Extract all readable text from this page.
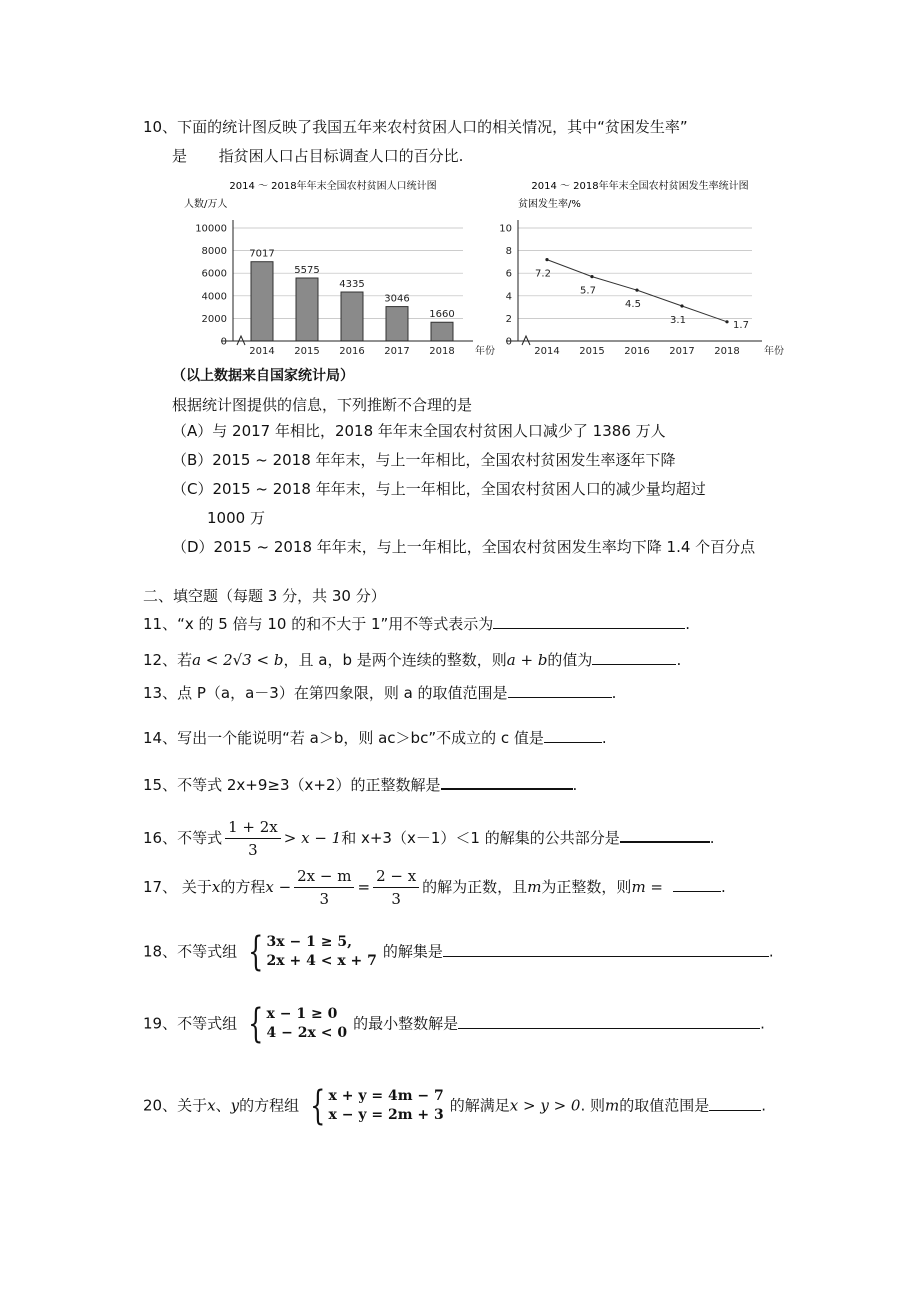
10、下面的统计图反映了我国五年来农村贫困人口的相关情况，其中“贫困发生率”
是 指贫困人口占目标调查人口的百分比.
2014 ～ 2018年年末全国农村贫困人口统计图
人数/万人
7017
5575
4335
3046
1660
0
2000
4000
6000
8000
10000
2014 2015 2016 2017 2018 年份
2014 ～ 2018年年末全国农村贫困发生率统计图
贫困发生率/%
7.2
5.7
4.5
3.1	1.7
0
2
4
6
8
10
2014 2015 2016 2017 2018 年份
（以上数据来自国家统计局）
根据统计图提供的信息，下列推断不合理的是
（A）与 2017 年相比，2018 年年末全国农村贫困人口减少了 1386 万人
（B）2015 ~ 2018 年年末，与上一年相比，全国农村贫困发生率逐年下降
（C）2015 ~ 2018 年年末，与上一年相比，全国农村贫困人口的减少量均超过
1000 万
（D）2015 ~ 2018 年年末，与上一年相比，全国农村贫困发生率均下降 1.4 个百分点
二、填空题（每题 3 分，共 30 分）
11、“x 的 5 倍与 10 的和不大于 1”用不等式表示为	.
12、若a < 2√3 < b，且 a，b 是两个连续的整数，则a + b的值为	.
13、点 P（a，a－3）在第四象限，则 a 的取值范围是	.
14、写出一个能说明“若 a＞b，则 ac＞bc”不成立的 c 值是	.
15、不等式 2x+9≥3（x+2）的正整数解是	.
16、不等式 $\frac{1 + 2x}{3} > x - 1$和 x+3（x－1）＜1 的解集的公共部分是	.
17、 关于x的方程$x - \frac{2x - m}{3} = \frac{2 - x}{3}$ 的解为正数，且m为正整数，则m =	.
18、不等式组 { 3x − 1 ≥ 5,
2x + 4 < x + 7
的解集是	.
19、不等式组 { x − 1 ≥ 0
4 − 2x < 0
的最小整数解是	.
20、关于x、y的方程组 { x + y = 4m − 7
x − y = 2m + 3
的解满足x > y > 0. 则m的取值范围是	.
